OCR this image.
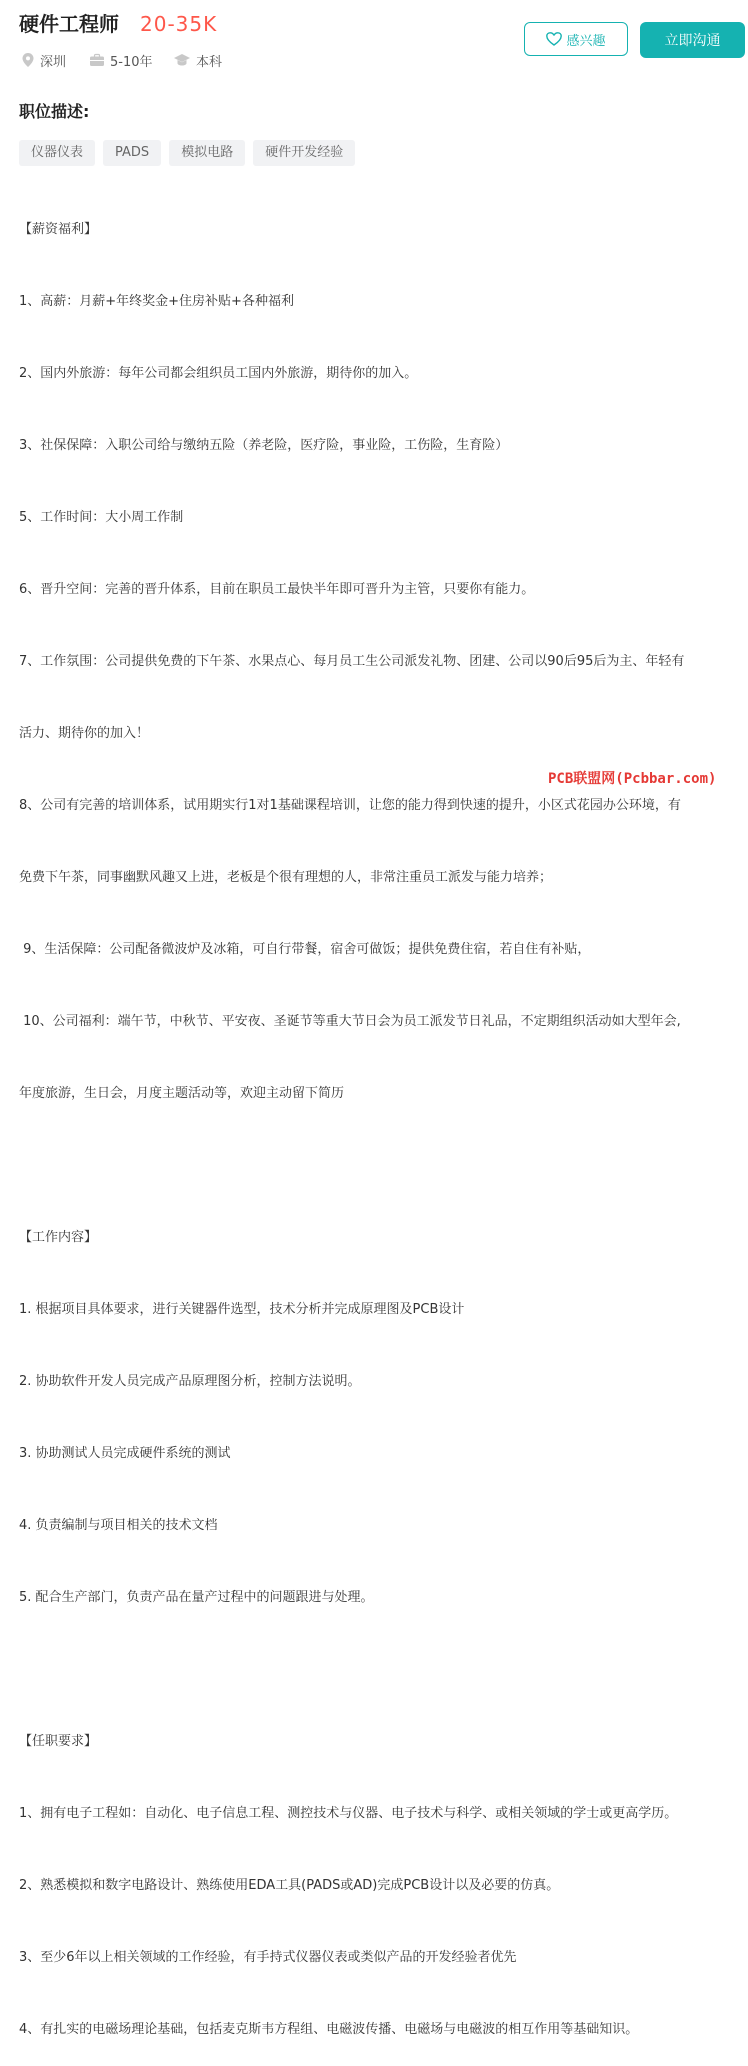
硬件工程师 20-35K
深圳	5-10年	本科
感兴趣	立即沟通
职位描述:
仪器仪表	PADS	模拟电路	硬件开发经验

【薪资福利】

1、高薪：月薪+年终奖金+住房补贴+各种福利

2、国内外旅游：每年公司都会组织员工国内外旅游，期待你的加入。

3、社保保障：入职公司给与缴纳五险（养老险，医疗险，事业险，工伤险，生育险）

5、工作时间：大小周工作制

6、晋升空间：完善的晋升体系，目前在职员工最快半年即可晋升为主管，只要你有能力。

7、工作氛围：公司提供免费的下午茶、水果点心、每月员工生公司派发礼物、团建、公司以90后95后为主、年轻有

活力、期待你的加入！

8、公司有完善的培训体系，试用期实行1对1基础课程培训，让您的能力得到快速的提升，小区式花园办公环境，有

免费下午茶，同事幽默风趣又上进，老板是个很有理想的人，非常注重员工派发与能力培养；

9、生活保障：公司配备微波炉及冰箱，可自行带餐，宿舍可做饭；提供免费住宿，若自住有补贴，

10、公司福利：端午节，中秋节、平安夜、圣诞节等重大节日会为员工派发节日礼品，不定期组织活动如大型年会,

年度旅游，生日会，月度主题活动等，欢迎主动留下简历

【工作内容】

1. 根据项目具体要求，进行关键器件选型，技术分析并完成原理图及PCB设计

2. 协助软件开发人员完成产品原理图分析，控制方法说明。

3. 协助测试人员完成硬件系统的测试

4. 负责编制与项目相关的技术文档

5. 配合生产部门，负责产品在量产过程中的问题跟进与处理。

【任职要求】

1、拥有电子工程如：自动化、电子信息工程、测控技术与仪器、电子技术与科学、或相关领域的学士或更高学历。

2、熟悉模拟和数字电路设计、熟练使用EDA工具(PADS或AD)完成PCB设计以及必要的仿真。

3、至少6年以上相关领域的工作经验，有手持式仪器仪表或类似产品的开发经验者优先

4、有扎实的电磁场理论基础，包括麦克斯韦方程组、电磁波传播、电磁场与电磁波的相互作用等基础知识。

PCB联盟网(Pcbbar.com)
